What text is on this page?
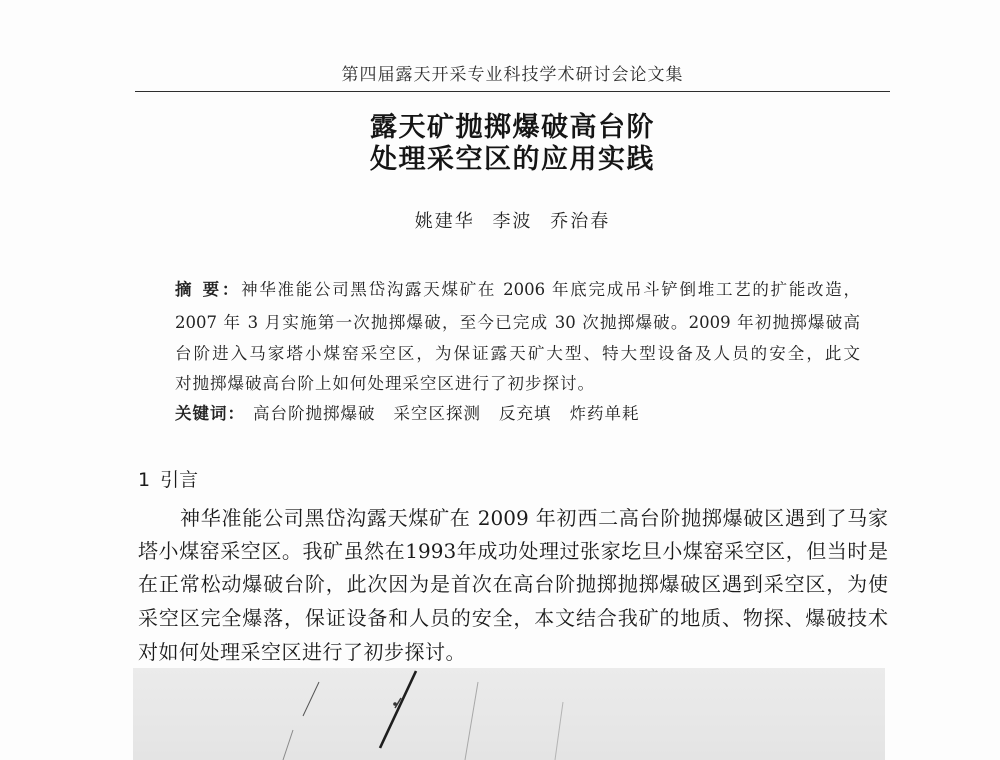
第四届露天开采专业科技学术研讨会论文集
露天矿抛掷爆破高台阶
处理采空区的应用实践
姚建华 李波 乔治春
摘 要：神华准能公司黑岱沟露天煤矿在 2006 年底完成吊斗铲倒堆工艺的扩能改造，
2007 年 3 月实施第一次抛掷爆破，至今已完成 30 次抛掷爆破。2009 年初抛掷爆破高
台阶进入马家塔小煤窑采空区，为保证露天矿大型、特大型设备及人员的安全，此文
对抛掷爆破高台阶上如何处理采空区进行了初步探讨。
关键词： 高台阶抛掷爆破 采空区探测 反充填 炸药单耗
1 引言
神华准能公司黑岱沟露天煤矿在 2009 年初西二高台阶抛掷爆破区遇到了马家
塔小煤窑采空区。我矿虽然在1993年成功处理过张家圪旦小煤窑采空区，但当时是
在正常松动爆破台阶，此次因为是首次在高台阶抛掷抛掷爆破区遇到采空区，为使
采空区完全爆落，保证设备和人员的安全，本文结合我矿的地质、物探、爆破技术
对如何处理采空区进行了初步探讨。
